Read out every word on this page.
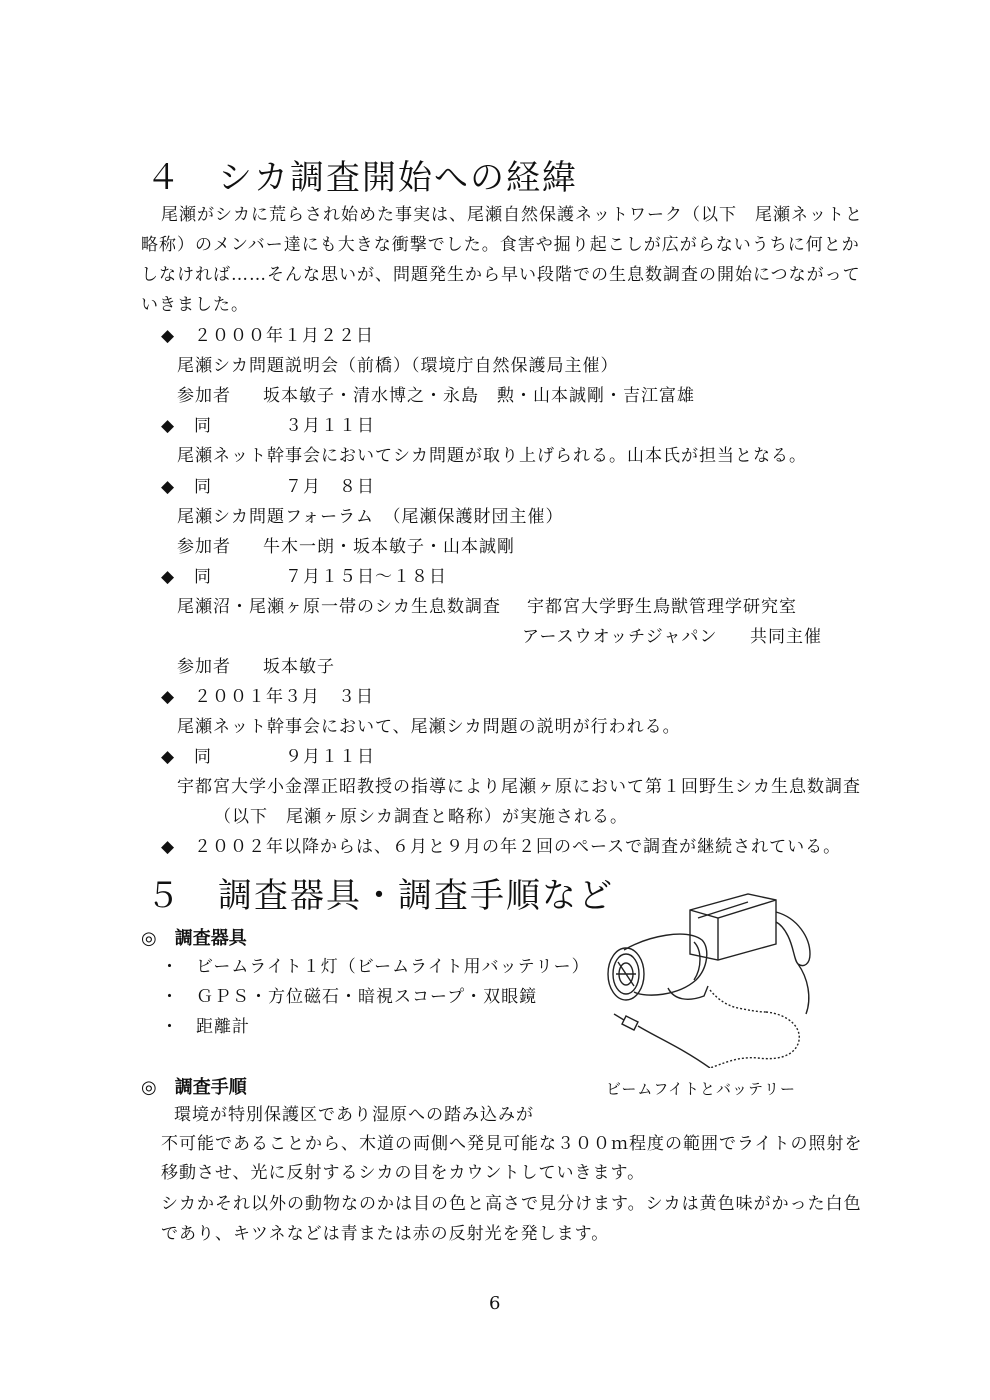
４　シカ調査開始への経緯
尾瀬がシカに荒らされ始めた事実は、尾瀬自然保護ネットワーク（以下　尾瀬ネットと
略称）のメンバー達にも大きな衝撃でした。食害や掘り起こしが広がらないうちに何とか
しなければ……そんな思いが、問題発生から早い段階での生息数調査の開始につながって
いきました。
◆ ２０００年１月２２日
尾瀬シカ問題説明会（前橋）（環境庁自然保護局主催）
参加者 坂本敏子・清水博之・永島　勲・山本誠剛・吉江富雄
◆ 同	３月１１日
尾瀬ネット幹事会においてシカ問題が取り上げられる。山本氏が担当となる。
◆ 同	７月　８日
尾瀬シカ問題フォーラム　（尾瀬保護財団主催）
参加者 牛木一朗・坂本敏子・山本誠剛
◆ 同	７月１５日～１８日
尾瀬沼・尾瀬ヶ原一帯のシカ生息数調査 宇都宮大学野生鳥獣管理学研究室
アースウオッチジャパン 共同主催
参加者 坂本敏子
◆ ２００１年３月　３日
尾瀬ネット幹事会において、尾瀬シカ問題の説明が行われる。
◆ 同	９月１１日
宇都宮大学小金澤正昭教授の指導により尾瀬ヶ原において第１回野生シカ生息数調査
（以下　尾瀬ヶ原シカ調査と略称）が実施される。
◆ ２００２年以降からは、６月と９月の年２回のペースで調査が継続されている。
５　調査器具・調査手順など
◎　調査器具
・ ビームライト１灯（ビームライト用バッテリー）
・ ＧＰＳ・方位磁石・暗視スコープ・双眼鏡
・ 距離計
ビームフイトとバッテリー
◎　調査手順
環境が特別保護区であり湿原への踏み込みが
不可能であることから、木道の両側へ発見可能な３００ｍ程度の範囲でライトの照射を
移動させ、光に反射するシカの目をカウントしていきます。
シカかそれ以外の動物なのかは目の色と高さで見分けます。シカは黄色味がかった白色
であり、キツネなどは青または赤の反射光を発します。
6
